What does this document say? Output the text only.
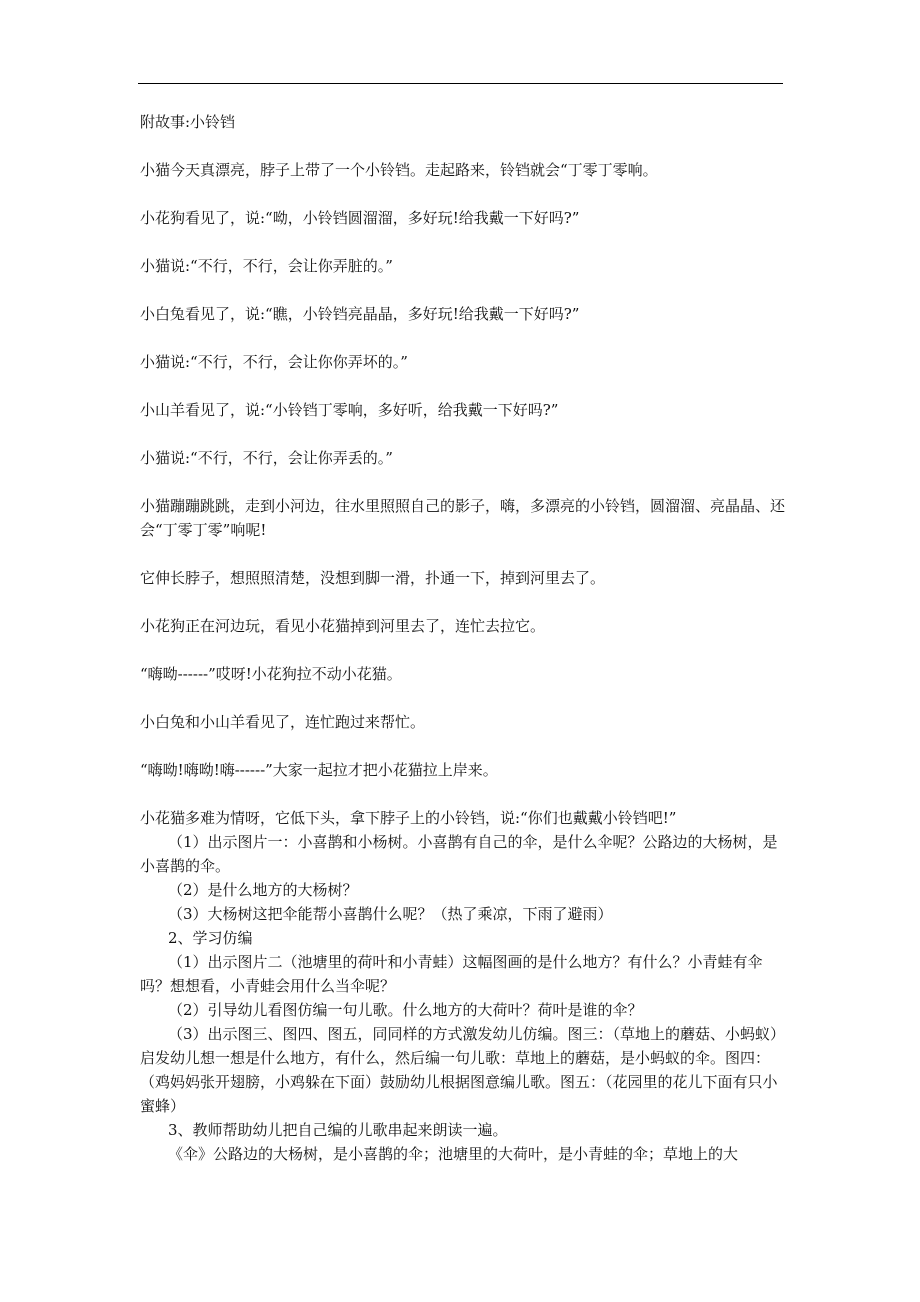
附故事:小铃铛

小猫今天真漂亮，脖子上带了一个小铃铛。走起路来，铃铛就会“丁零丁零响。

小花狗看见了，说:“呦，小铃铛圆溜溜，多好玩!给我戴一下好吗?”

小猫说:“不行，不行，会让你弄脏的。”

小白兔看见了，说:“瞧，小铃铛亮晶晶，多好玩!给我戴一下好吗?”

小猫说:“不行，不行，会让你你弄坏的。”

小山羊看见了，说:“小铃铛丁零响，多好听，给我戴一下好吗?”

小猫说:“不行，不行，会让你弄丢的。”

小猫蹦蹦跳跳，走到小河边，往水里照照自己的影子，嗨，多漂亮的小铃铛，圆溜溜、亮晶晶、还会“丁零丁零”响呢!

它伸长脖子，想照照清楚，没想到脚一滑，扑通一下，掉到河里去了。

小花狗正在河边玩，看见小花猫掉到河里去了，连忙去拉它。

“嗨呦------”哎呀!小花狗拉不动小花猫。

小白兔和小山羊看见了，连忙跑过来帮忙。

“嗨呦!嗨呦!嗨------”大家一起拉才把小花猫拉上岸来。

小花猫多难为情呀，它低下头，拿下脖子上的小铃铛，说:“你们也戴戴小铃铛吧!”

（1）出示图片一：小喜鹊和小杨树。小喜鹊有自己的伞，是什么伞呢？公路边的大杨树，是小喜鹊的伞。

（2）是什么地方的大杨树？

（3）大杨树这把伞能帮小喜鹊什么呢？（热了乘凉，下雨了避雨）

2、学习仿编

（1）出示图片二（池塘里的荷叶和小青蛙）这幅图画的是什么地方？有什么？小青蛙有伞吗？想想看，小青蛙会用什么当伞呢？

（2）引导幼儿看图仿编一句儿歌。什么地方的大荷叶？荷叶是谁的伞？

（3）出示图三、图四、图五，同同样的方式激发幼儿仿编。图三：（草地上的蘑菇、小蚂蚁）启发幼儿想一想是什么地方，有什么，然后编一句儿歌：草地上的蘑菇，是小蚂蚁的伞。图四：（鸡妈妈张开翅膀，小鸡躲在下面）鼓励幼儿根据图意编儿歌。图五：（花园里的花儿下面有只小蜜蜂）

3、教师帮助幼儿把自己编的儿歌串起来朗读一遍。

《伞》公路边的大杨树，是小喜鹊的伞；池塘里的大荷叶，是小青蛙的伞；草地上的大
